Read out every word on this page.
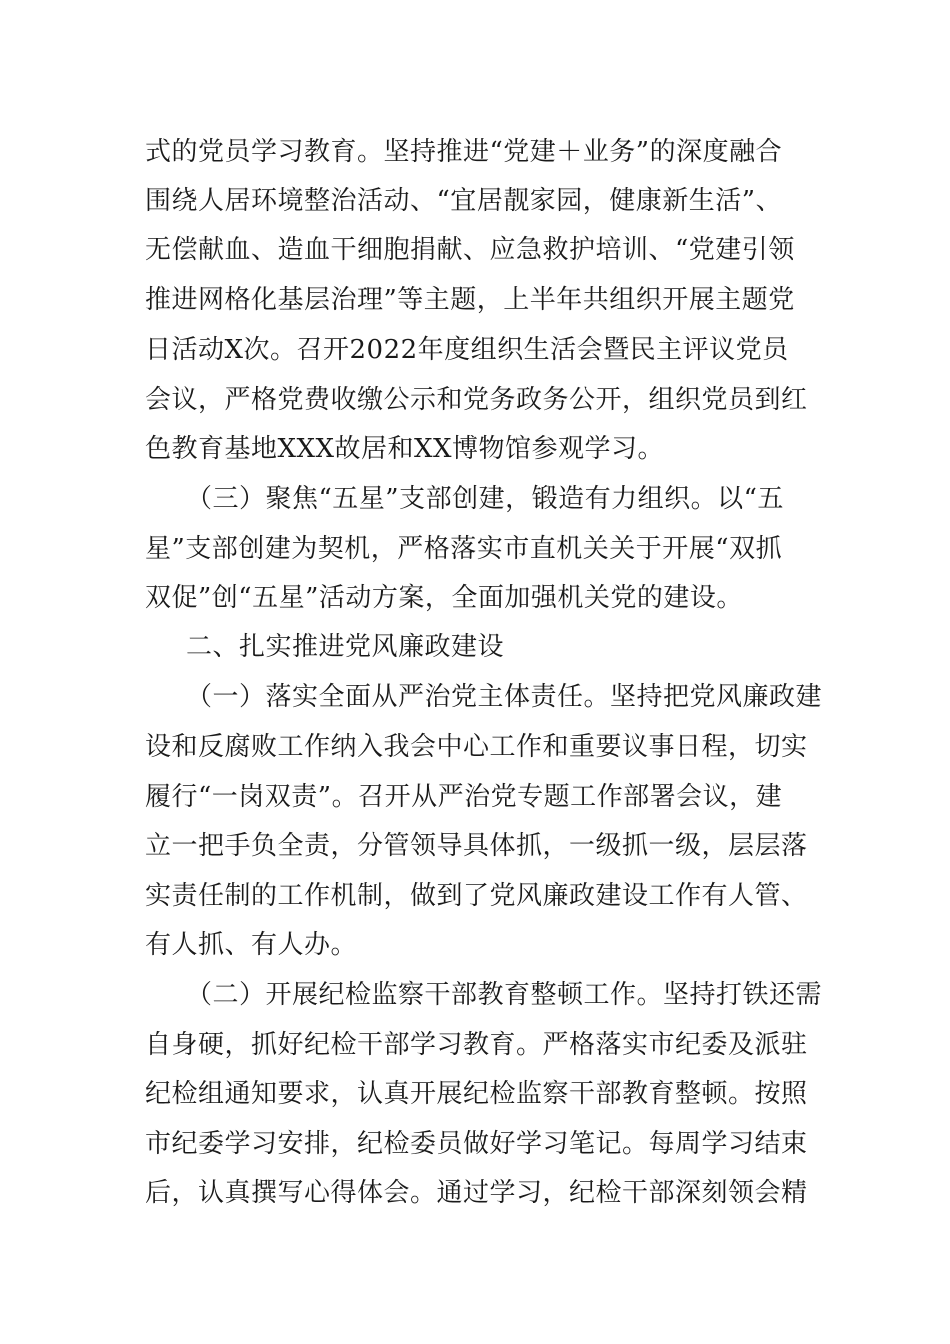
式的党员学习教育。坚持推进“党建＋业务”的深度融合
围绕人居环境整治活动、“宜居靓家园，健康新生活”、
无偿献血、造血干细胞捐献、应急救护培训、“党建引领
推进网格化基层治理”等主题，上半年共组织开展主题党
日活动X次。召开2022年度组织生活会暨民主评议党员
会议，严格党费收缴公示和党务政务公开，组织党员到红
色教育基地XXX故居和XX博物馆参观学习。
（三）聚焦“五星”支部创建，锻造有力组织。以“五
星”支部创建为契机，严格落实市直机关关于开展“双抓
双促”创“五星”活动方案，全面加强机关党的建设。
二、扎实推进党风廉政建设
（一）落实全面从严治党主体责任。坚持把党风廉政建
设和反腐败工作纳入我会中心工作和重要议事日程，切实
履行“一岗双责”。召开从严治党专题工作部署会议，建
立一把手负全责，分管领导具体抓，一级抓一级，层层落
实责任制的工作机制，做到了党风廉政建设工作有人管、
有人抓、有人办。
（二）开展纪检监察干部教育整顿工作。坚持打铁还需
自身硬，抓好纪检干部学习教育。严格落实市纪委及派驻
纪检组通知要求，认真开展纪检监察干部教育整顿。按照
市纪委学习安排，纪检委员做好学习笔记。每周学习结束
后，认真撰写心得体会。通过学习，纪检干部深刻领会精
